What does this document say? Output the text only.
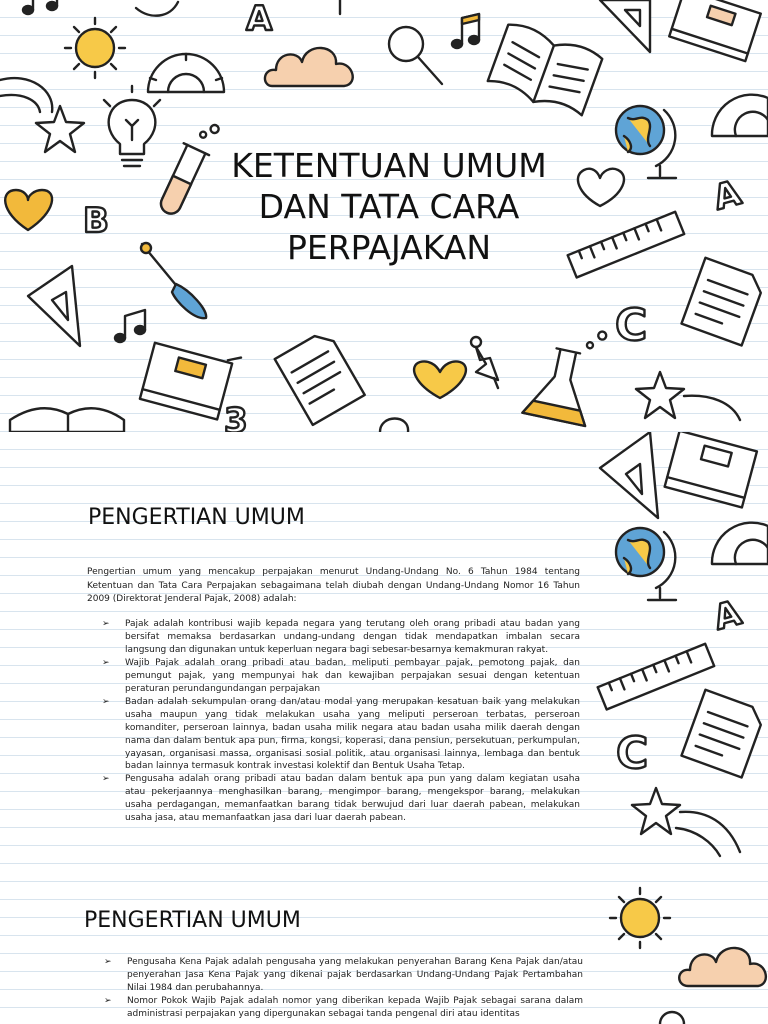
A
B
A
C
3
KETENTUAN UMUM DAN TATA CARA PERPAJAKAN
A
C
PENGERTIAN UMUM

Pengertian umum yang mencakup perpajakan menurut Undang-Undang No. 6 Tahun 1984 tentang Ketentuan dan Tata Cara Perpajakan sebagaimana telah diubah dengan Undang-Undang Nomor 16 Tahun 2009 (Direktorat Jenderal Pajak, 2008) adalah:

➢ Pajak adalah kontribusi wajib kepada negara yang terutang oleh orang pribadi atau badan yang bersifat memaksa berdasarkan undang-undang dengan tidak mendapatkan imbalan secara langsung dan digunakan untuk keperluan negara bagi sebesar-besarnya kemakmuran rakyat.
➢ Wajib Pajak adalah orang pribadi atau badan, meliputi pembayar pajak, pemotong pajak, dan pemungut pajak, yang mempunyai hak dan kewajiban perpajakan sesuai dengan ketentuan peraturan perundangundangan perpajakan
➢ Badan adalah sekumpulan orang dan/atau modal yang merupakan kesatuan baik yang melakukan usaha maupun yang tidak melakukan usaha yang meliputi perseroan terbatas, perseroan komanditer, perseroan lainnya, badan usaha milik negara atau badan usaha milik daerah dengan nama dan dalam bentuk apa pun, firma, kongsi, koperasi, dana pensiun, persekutuan, perkumpulan, yayasan, organisasi massa, organisasi sosial politik, atau organisasi lainnya, lembaga dan bentuk badan lainnya termasuk kontrak investasi kolektif dan Bentuk Usaha Tetap.
➢ Pengusaha adalah orang pribadi atau badan dalam bentuk apa pun yang dalam kegiatan usaha atau pekerjaannya menghasilkan barang, mengimpor barang, mengekspor barang, melakukan usaha perdagangan, memanfaatkan barang tidak berwujud dari luar daerah pabean, melakukan usaha jasa, atau memanfaatkan jasa dari luar daerah pabean.
PENGERTIAN UMUM
➢ Pengusaha Kena Pajak adalah pengusaha yang melakukan penyerahan Barang Kena Pajak dan/atau penyerahan Jasa Kena Pajak yang dikenai pajak berdasarkan Undang-Undang Pajak Pertambahan Nilai 1984 dan perubahannya.
➢ Nomor Pokok Wajib Pajak adalah nomor yang diberikan kepada Wajib Pajak sebagai sarana dalam administrasi perpajakan yang dipergunakan sebagai tanda pengenal diri atau identitas
